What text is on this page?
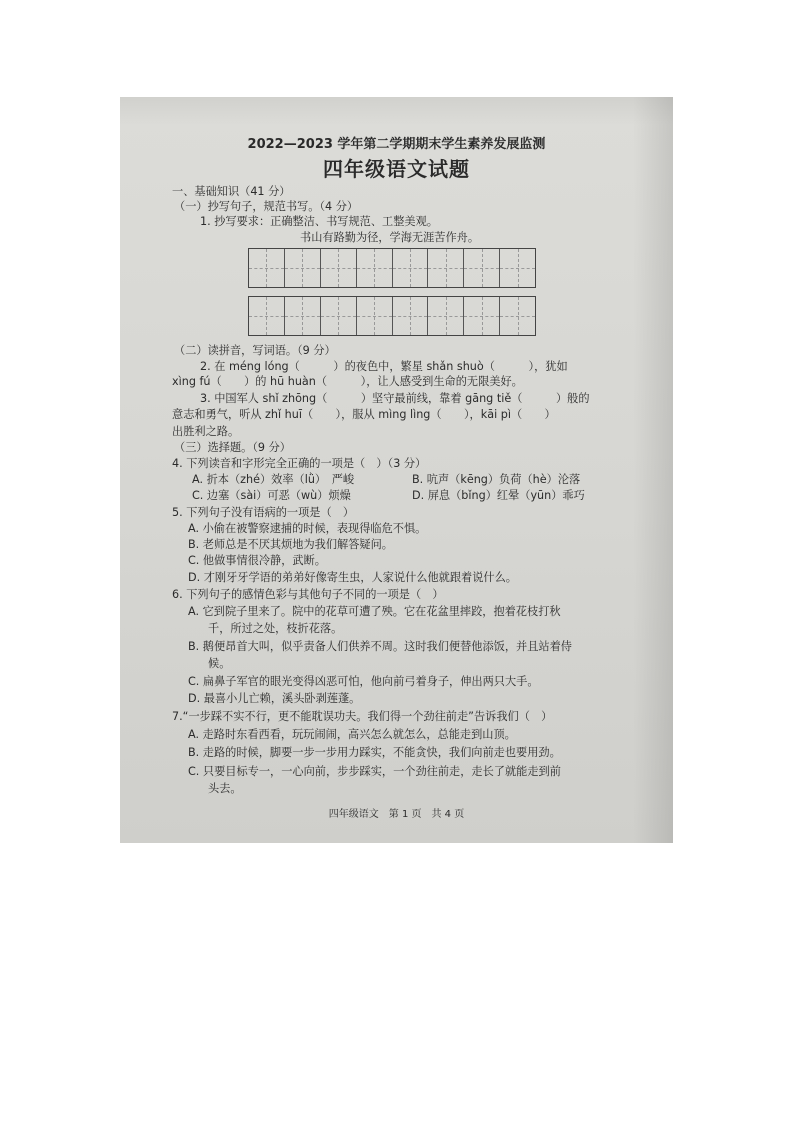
2022—2023 学年第二学期期末学生素养发展监测
四年级语文试题
一、基础知识（41 分）
（一）抄写句子，规范书写。（4 分）
1. 抄写要求：正确整洁、书写规范、工整美观。
书山有路勤为径，学海无涯苦作舟。
（二）读拼音，写词语。（9 分）
2. 在 méng lóng（　　　）的夜色中，繁星 shǎn shuò（　　　），犹如
xìng fú（　　）的 hū huàn（　　　），让人感受到生命的无限美好。
3. 中国军人 shǐ zhōng（　　　）坚守最前线，靠着 gāng tiě（　　　）般的
意志和勇气，听从 zhǐ huī（　　），服从 mìng lìng（　　），kāi pì（　　）
出胜利之路。
（三）选择题。（9 分）
4. 下列读音和字形完全正确的一项是（　）（3 分）
A. 折本（zhé）效率（lǜ）　严峻	B. 吭声（kēng）负荷（hè）沦落
C. 边塞（sài）可恶（wù）烦燥	D. 屏息（bǐng）红晕（yūn）乖巧
5. 下列句子没有语病的一项是（　）
A. 小偷在被警察逮捕的时候，表现得临危不惧。
B. 老师总是不厌其烦地为我们解答疑问。
C. 他做事情很冷静，武断。
D. 才刚牙牙学语的弟弟好像寄生虫，人家说什么他就跟着说什么。
6. 下列句子的感情色彩与其他句子不同的一项是（　）
A. 它到院子里来了。院中的花草可遭了殃。它在花盆里摔跤，抱着花枝打秋
千，所过之处，枝折花落。
B. 鹅便昂首大叫，似乎责备人们供养不周。这时我们便替他添饭，并且站着侍
候。
C. 扁鼻子军官的眼光变得凶恶可怕，他向前弓着身子，伸出两只大手。
D. 最喜小儿亡赖，溪头卧剥莲蓬。
7.“一步踩不实不行，更不能耽误功夫。我们得一个劲往前走”告诉我们（　）
A. 走路时东看西看，玩玩闹闹，高兴怎么就怎么，总能走到山顶。
B. 走路的时候，脚要一步一步用力踩实，不能贪快，我们向前走也要用劲。
C. 只要目标专一，一心向前，步步踩实，一个劲往前走，走长了就能走到前
头去。
四年级语文　第 1 页　共 4 页
